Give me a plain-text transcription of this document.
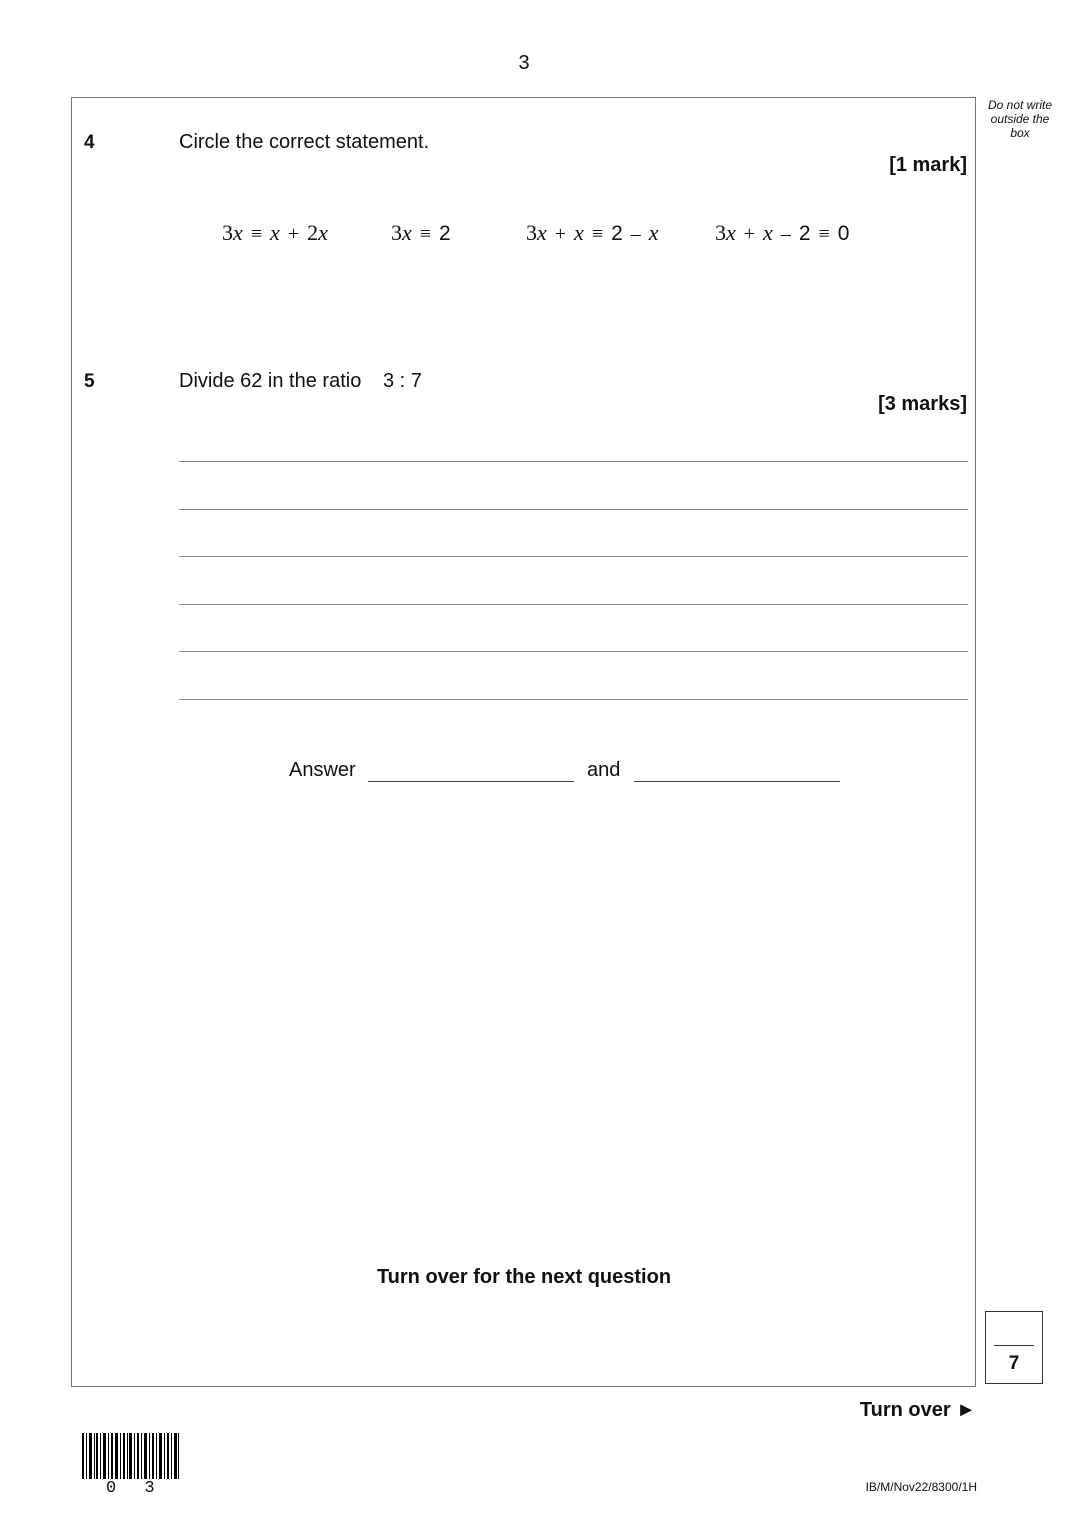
3
Do not write outside the box
4	Circle the correct statement.
[1 mark]
3x ≡ x + 2x	3x ≡ 2	3x + x ≡ 2 – x	3x + x – 2 ≡ 0
5	Divide 62 in the ratio 3 : 7
[3 marks]
Answer	and
Turn over for the next question
7
Turn over ►
0 3	IB/M/Nov22/8300/1H
